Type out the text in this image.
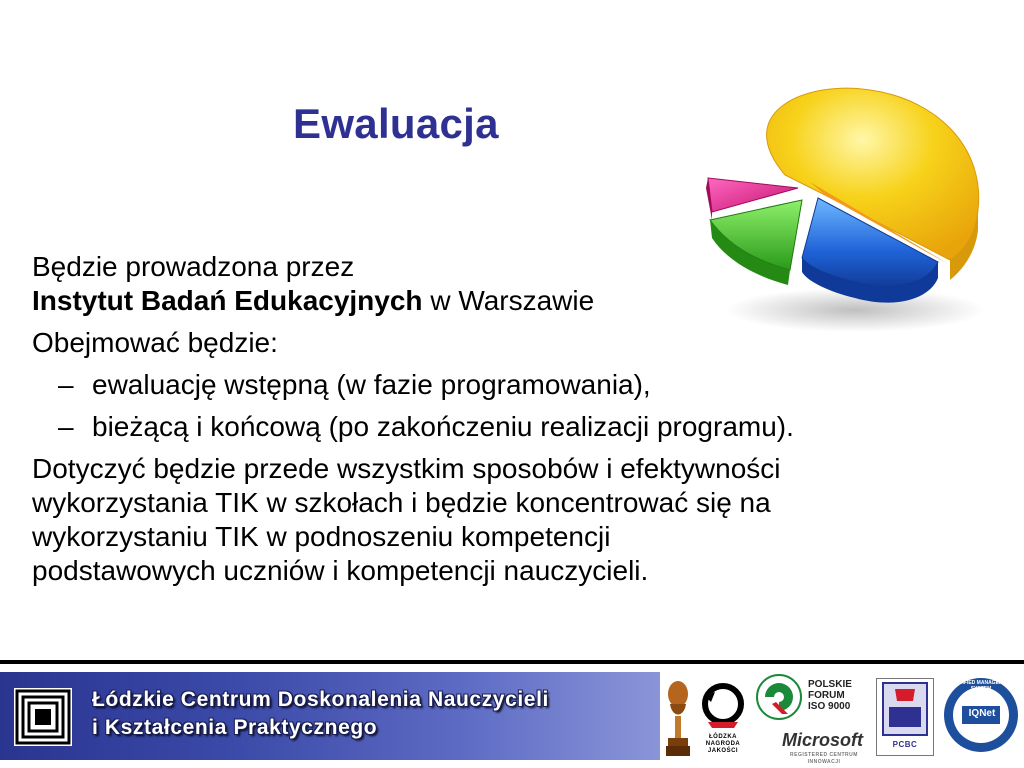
Ewaluacja

Będzie prowadzona przez

Instytut Badań Edukacyjnych w Warszawie

Obejmować będzie:

– ewaluację wstępną (w fazie programowania),
– bieżącą i końcową (po zakończeniu realizacji programu).

Dotyczyć będzie przede wszystkim sposobów i efektywności

wykorzystania TIK w szkołach i będzie koncentrować się na

wykorzystaniu TIK w podnoszeniu kompetencji

podstawowych uczniów i kompetencji nauczycieli.

Łódzkie Centrum Doskonalenia Nauczycieli
i Kształcenia Praktycznego	ŁÓDZKA NAGRODA JAKOŚCI
POLSKIE
FORUM
ISO 9000
Microsoft
REGISTERED CENTRUM INNOWACJI
PCBC
IQNet
CERTIFIED MANAGEMENT SYSTEM
